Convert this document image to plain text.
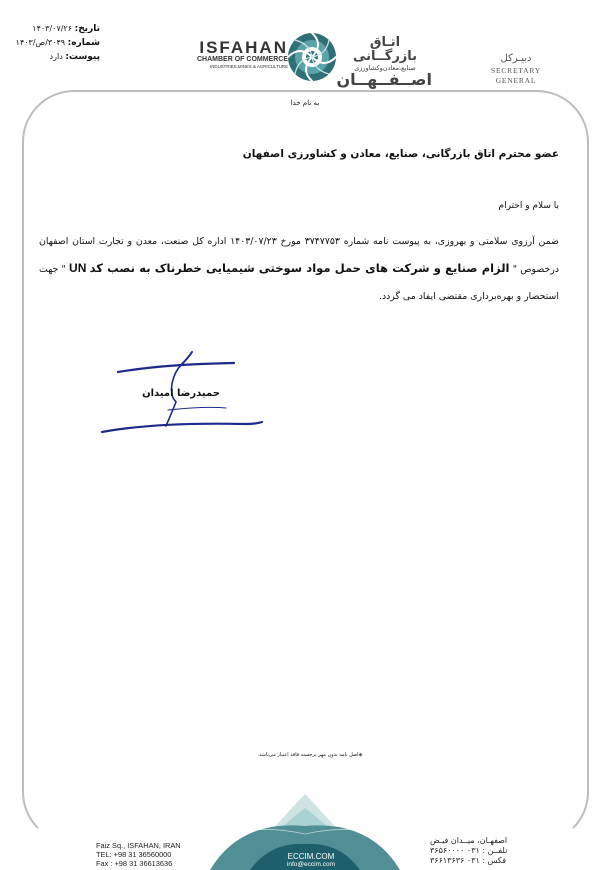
تاریخ: ۱۴۰۳/۰۷/۲۶
شماره: ۳۰۴۹/ص/۱۴۰۳
پیوست: دارد	ISFAHAN
CHAMBER OF COMMERCE
INDUSTRIES,MINES & AGRICULTURE
اتـاق بازرگــانی
صنایع،معادن‌وکشاورزی
اصــفــهــان
دبیـرکل
SECRETARY GENERAL
به نام خدا
عضو محترم اتاق بازرگانی، صنایع، معادن و کشاورزی اصفهان
با سلام و احترام
ضمن آرزوی سلامتی و بهروزی، به پیوست نامه شماره ۳۷۴۷۷۵۳ مورخ ۱۴۰۳/۰۷/۲۳ اداره کل صنعت، معدن و تجارت استان اصفهان درخصوص " الزام صنایع و شرکت های حمل مواد سوختی شیمیایی خطرناک به نصب کد UN " جهت استحضار و بهره‌برداری مقتضی ایفاد می گردد.
حمیدرضا امیدان
◆اصل نامه بدون مهر برجسته فاقد اعتبار می‌باشد.
Faiz Sq., ISFAHAN, IRAN
TEL: +98 31 36560000
Fax : +98 31 36613636
ECCIM.COM
info@eccim.com
اصفهـان، میــدان فیـض
تلفــن : ۰۳۱ ۳۶۵۶۰۰۰۰
فکس : ۰۳۱ ۳۶۶۱۳۶۳۶
